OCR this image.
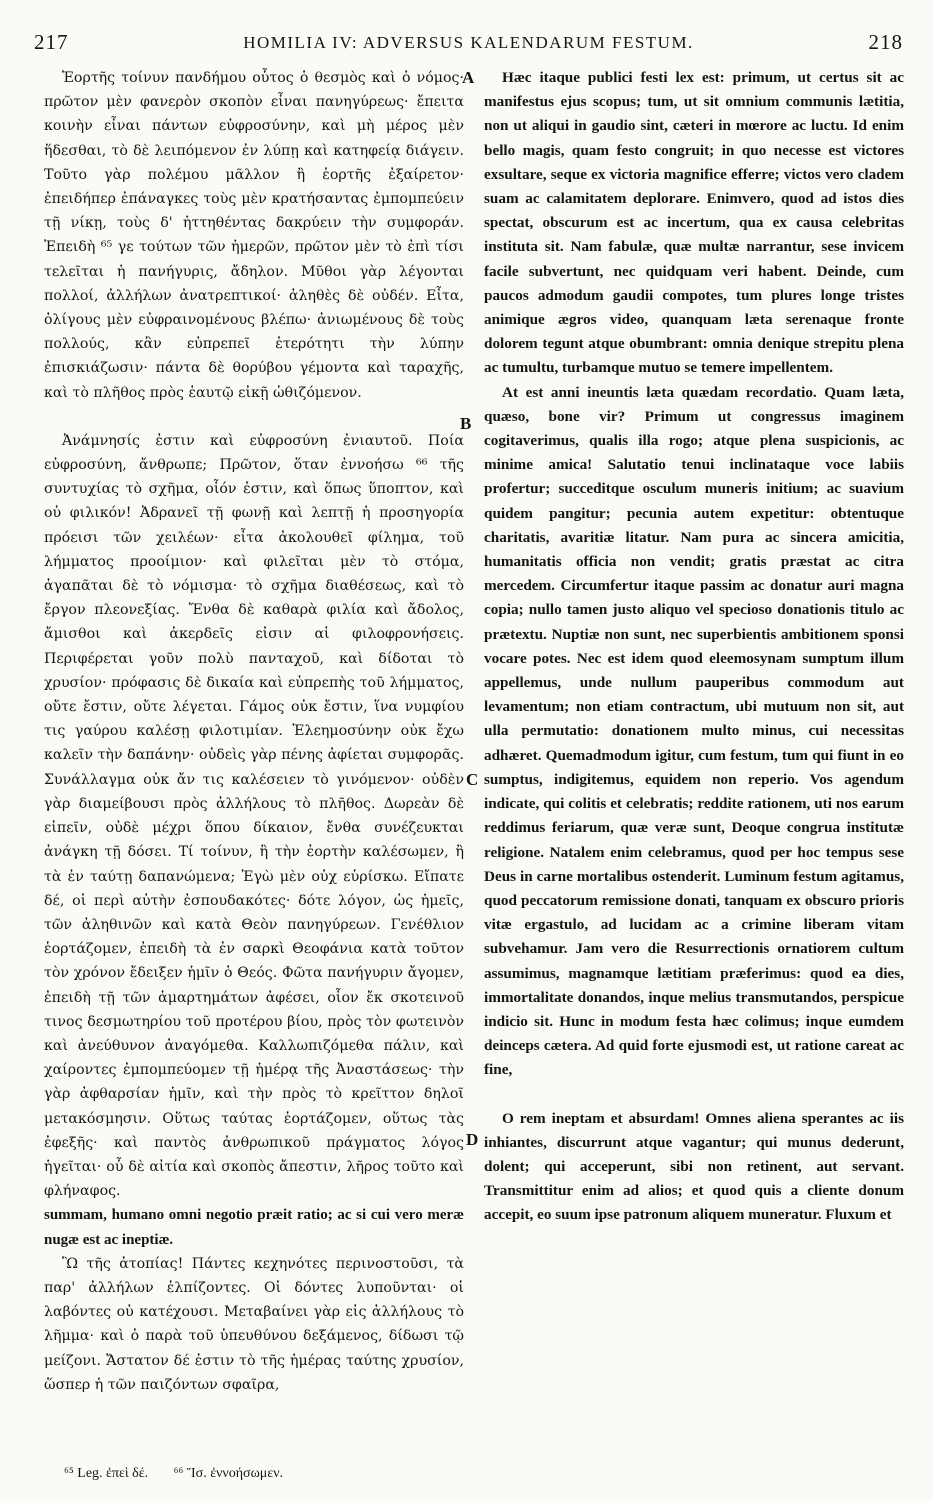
217	HOMILIA IV: ADVERSUS KALENDARUM FESTUM.	218

Ἑορτῆς τοίνυν πανδήμου οὗτος ὁ θεσμὸς καὶ ὁ νόμος· πρῶτον μὲν φανερὸν σκοπὸν εἶναι πανηγύρεως· ἔπειτα κοινὴν εἶναι πάντων εὐφροσύνην, καὶ μὴ μέρος μὲν ἥδεσθαι, τὸ δὲ λειπόμενον ἐν λύπῃ καὶ κατηφείᾳ διάγειν. Τοῦτο γὰρ πολέμου μᾶλλον ἢ ἑορτῆς ἐξαίρετον· ἐπειδήπερ ἐπάναγκες τοὺς μὲν κρατήσαντας ἐμπομπεύειν τῇ νίκῃ, τοὺς δ' ἡττηθέντας δακρύειν τὴν συμφοράν. Ἐπειδὴ ⁶⁵ γε τούτων τῶν ἡμερῶν, πρῶτον μὲν τὸ ἐπὶ τίσι τελεῖται ἡ πανήγυρις, ἄδηλον. Μῦθοι γὰρ λέγονται πολλοί, ἀλλήλων ἀνατρεπτικοί· ἀληθὲς δὲ οὐδέν. Εἶτα, ὀλίγους μὲν εὐφραινομένους βλέπω· ἀνιωμένους δὲ τοὺς πολλούς, κἂν εὐπρεπεῖ ἑτερότητι τὴν λύπην ἐπισκιάζωσιν· πάντα δὲ θορύβου γέμοντα καὶ ταραχῆς, καὶ τὸ πλῆθος πρὸς ἑαυτῷ εἰκῇ ὠθιζόμενον.

Ἀνάμνησίς ἐστιν καὶ εὐφροσύνη ἐνιαυτοῦ. Ποία εὐφροσύνη, ἄνθρωπε; Πρῶτον, ὅταν ἐννοήσω ⁶⁶ τῆς συντυχίας τὸ σχῆμα, οἷόν ἐστιν, καὶ ὅπως ὕποπτον, καὶ οὐ φιλικόν! Ἀδρανεῖ τῇ φωνῇ καὶ λεπτῇ ἡ προσηγορία πρόεισι τῶν χειλέων· εἶτα ἀκολουθεῖ φίλημα, τοῦ λήμματος προοίμιον· καὶ φιλεῖται μὲν τὸ στόμα, ἀγαπᾶται δὲ τὸ νόμισμα· τὸ σχῆμα διαθέσεως, καὶ τὸ ἔργον πλεονεξίας. Ἔνθα δὲ καθαρὰ φιλία καὶ ἄδολος, ἄμισθοι καὶ ἀκερδεῖς εἰσιν αἱ φιλοφρονήσεις. Περιφέρεται γοῦν πολὺ πανταχοῦ, καὶ δίδοται τὸ χρυσίον· πρόφασις δὲ δικαία καὶ εὐπρεπὴς τοῦ λήμματος, οὔτε ἔστιν, οὔτε λέγεται. Γάμος οὐκ ἔστιν, ἵνα νυμφίου τις γαύρου καλέσῃ φιλοτιμίαν. Ἐλεημοσύνην οὐκ ἔχω καλεῖν τὴν δαπάνην· οὐδεὶς γὰρ πένης ἀφίεται συμφορᾶς. Συνάλλαγμα οὐκ ἄν τις καλέσειεν τὸ γινόμενον· οὐδὲν γὰρ διαμείβουσι πρὸς ἀλλήλους τὸ πλῆθος. Δωρεὰν δὲ εἰπεῖν, οὐδὲ μέχρι ὅπου δίκαιον, ἔνθα συνέζευκται ἀνάγκη τῇ δόσει. Τί τοίνυν, ἢ τὴν ἑορτὴν καλέσωμεν, ἢ τὰ ἐν ταύτῃ δαπανώμενα; Ἐγὼ μὲν οὐχ εὑρίσκω. Εἴπατε δέ, οἱ περὶ αὐτὴν ἐσπουδακότες· δότε λόγον, ὡς ἡμεῖς, τῶν ἀληθινῶν καὶ κατὰ Θεὸν πανηγύρεων. Γενέθλιον ἑορτάζομεν, ἐπειδὴ τὰ ἐν σαρκὶ Θεοφάνια κατὰ τοῦτον τὸν χρόνον ἔδειξεν ἡμῖν ὁ Θεός. Φῶτα πανήγυριν ἄγομεν, ἐπειδὴ τῇ τῶν ἁμαρτημάτων ἀφέσει, οἷον ἔκ σκοτεινοῦ τινος δεσμωτηρίου τοῦ προτέρου βίου, πρὸς τὸν φωτεινὸν καὶ ἀνεύθυνον ἀναγόμεθα. Καλλωπιζόμεθα πάλιν, καὶ χαίροντες ἐμπομπεύομεν τῇ ἡμέρᾳ τῆς Ἀναστάσεως· τὴν γὰρ ἀφθαρσίαν ἡμῖν, καὶ τὴν πρὸς τὸ κρεῖττον δηλοῖ μετακόσμησιν. Οὕτως ταύτας ἑορτάζομεν, οὕτως τὰς ἐφεξῆς· καὶ παντὸς ἀνθρωπικοῦ πράγματος λόγος ἡγεῖται· οὗ δὲ αἰτία καὶ σκοπὸς ἄπεστιν, λῆρος τοῦτο καὶ φλήναφος.

summam, humano omni negotio præit ratio; ac si cui vero meræ nugæ est ac ineptiæ.

Ὢ τῆς ἀτοπίας! Πάντες κεχηνότες περινοστοῦσι, τὰ παρ' ἀλλήλων ἐλπίζοντες. Οἱ δόντες λυποῦνται· οἱ λαβόντες οὐ κατέχουσι. Μεταβαίνει γὰρ εἰς ἀλλήλους τὸ λῆμμα· καὶ ὁ παρὰ τοῦ ὑπευθύνου δεξάμενος, δίδωσι τῷ μείζονι. Ἄστατον δέ ἐστιν τὸ τῆς ἡμέρας ταύτης χρυσίον, ὥσπερ ἡ τῶν παιζόντων σφαῖρα,

Hæc itaque publici festi lex est: primum, ut certus sit ac manifestus ejus scopus; tum, ut sit omnium communis lætitia, non ut aliqui in gaudio sint, cæteri in mœrore ac luctu. Id enim bello magis, quam festo congruit; in quo necesse est victores exsultare, seque ex victoria magnifice efferre; victos vero cladem suam ac calamitatem deplorare. Enimvero, quod ad istos dies spectat, obscurum est ac incertum, qua ex causa celebritas instituta sit. Nam fabulæ, quæ multæ narrantur, sese invicem facile subvertunt, nec quidquam veri habent. Deinde, cum paucos admodum gaudii compotes, tum plures longe tristes animique ægros video, quanquam læta serenaque fronte dolorem tegunt atque obumbrant: omnia denique strepitu plena ac tumultu, turbamque mutuo se temere impellentem.

At est anni ineuntis læta quædam recordatio. Quam læta, quæso, bone vir? Primum ut congressus imaginem cogitaverimus, qualis illa rogo; atque plena suspicionis, ac minime amica! Salutatio tenui inclinataque voce labiis profertur; succeditque osculum muneris initium; ac suavium quidem pangitur; pecunia autem expetitur: obtentuque charitatis, avaritiæ litatur. Nam pura ac sincera amicitia, humanitatis officia non vendit; gratis præstat ac citra mercedem. Circumfertur itaque passim ac donatur auri magna copia; nullo tamen justo aliquo vel specioso donationis titulo ac prætextu. Nuptiæ non sunt, nec superbientis ambitionem sponsi vocare potes. Nec est idem quod eleemosynam sumptum illum appellemus, unde nullum pauperibus commodum aut levamentum; non etiam contractum, ubi mutuum non sit, aut ulla permutatio: donationem multo minus, cui necessitas adhæret. Quemadmodum igitur, cum festum, tum qui fiunt in eo sumptus, indigitemus, equidem non reperio. Vos agendum indicate, qui colitis et celebratis; reddite rationem, uti nos earum reddimus feriarum, quæ veræ sunt, Deoque congrua institutæ religione. Natalem enim celebramus, quod per hoc tempus sese Deus in carne mortalibus ostenderit. Luminum festum agitamus, quod peccatorum remissione donati, tanquam ex obscuro prioris vitæ ergastulo, ad lucidam ac a crimine liberam vitam subvehamur. Jam vero die Resurrectionis ornatiorem cultum assumimus, magnamque lætitiam præferimus: quod ea dies, immortalitate donandos, inque melius transmutandos, perspicue indicio sit. Hunc in modum festa hæc colimus; inque eumdem deinceps cætera. Ad quid forte ejusmodi est, ut ratione careat ac fine,

O rem ineptam et absurdam! Omnes aliena sperantes ac iis inhiantes, discurrunt atque vagantur; qui munus dederunt, dolent; qui acceperunt, sibi non retinent, aut servant. Transmittitur enim ad alios; et quod quis a cliente donum accepit, eo suum ipse patronum aliquem muneratur. Fluxum et

A
B
C
D
⁶⁵ Leg. ἐπεὶ δέ. ⁶⁶ Ἴσ. ἐννοήσωμεν.
